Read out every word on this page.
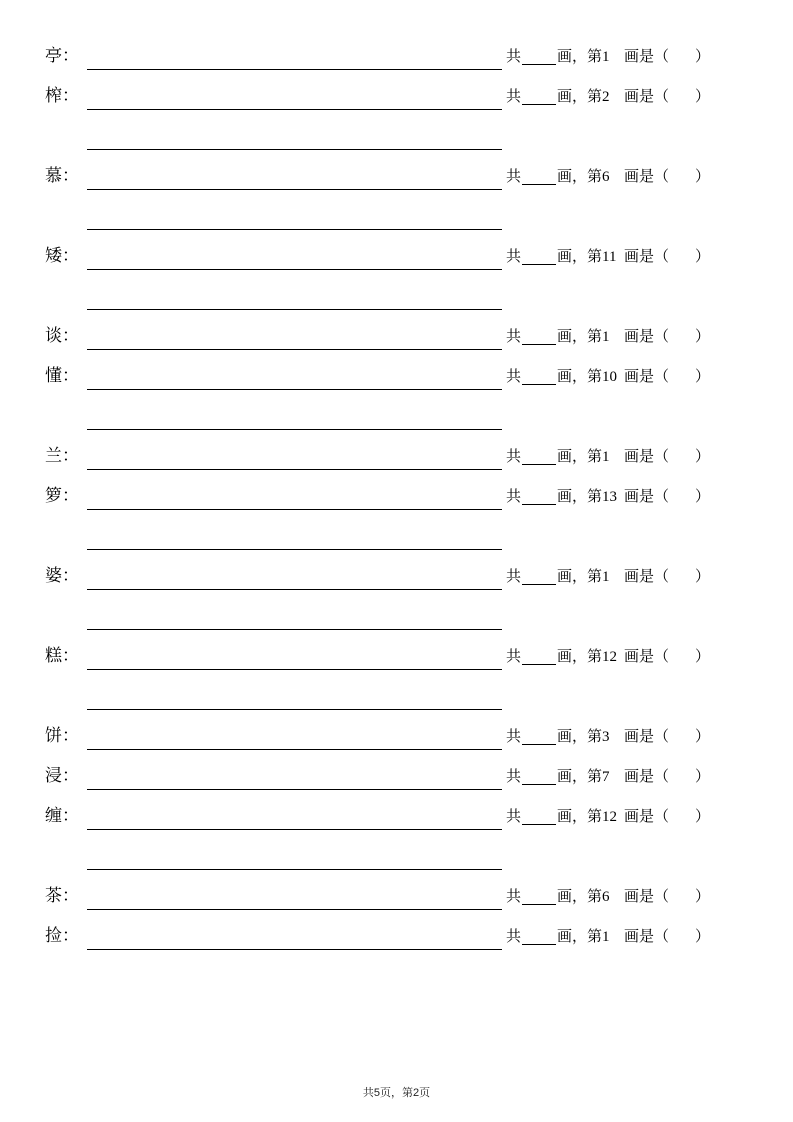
亭：	共 画，第 1 画是（ ）
榨：	共 画，第 2 画是（ ）
慕：	共 画，第 6 画是（ ）
矮：	共 画，第 11 画是（ ）
谈：	共 画，第 1 画是（ ）
懂：	共 画，第 10 画是（ ）
兰：	共 画，第 1 画是（ ）
箩：	共 画，第 13 画是（ ）
婆：	共 画，第 1 画是（ ）
糕：	共 画，第 12 画是（ ）
饼：	共 画，第 3 画是（ ）
浸：	共 画，第 7 画是（ ）
缠：	共 画，第 12 画是（ ）
茶：	共 画，第 6 画是（ ）
捡：	共 画，第 1 画是（ ）
共5页，第2页
